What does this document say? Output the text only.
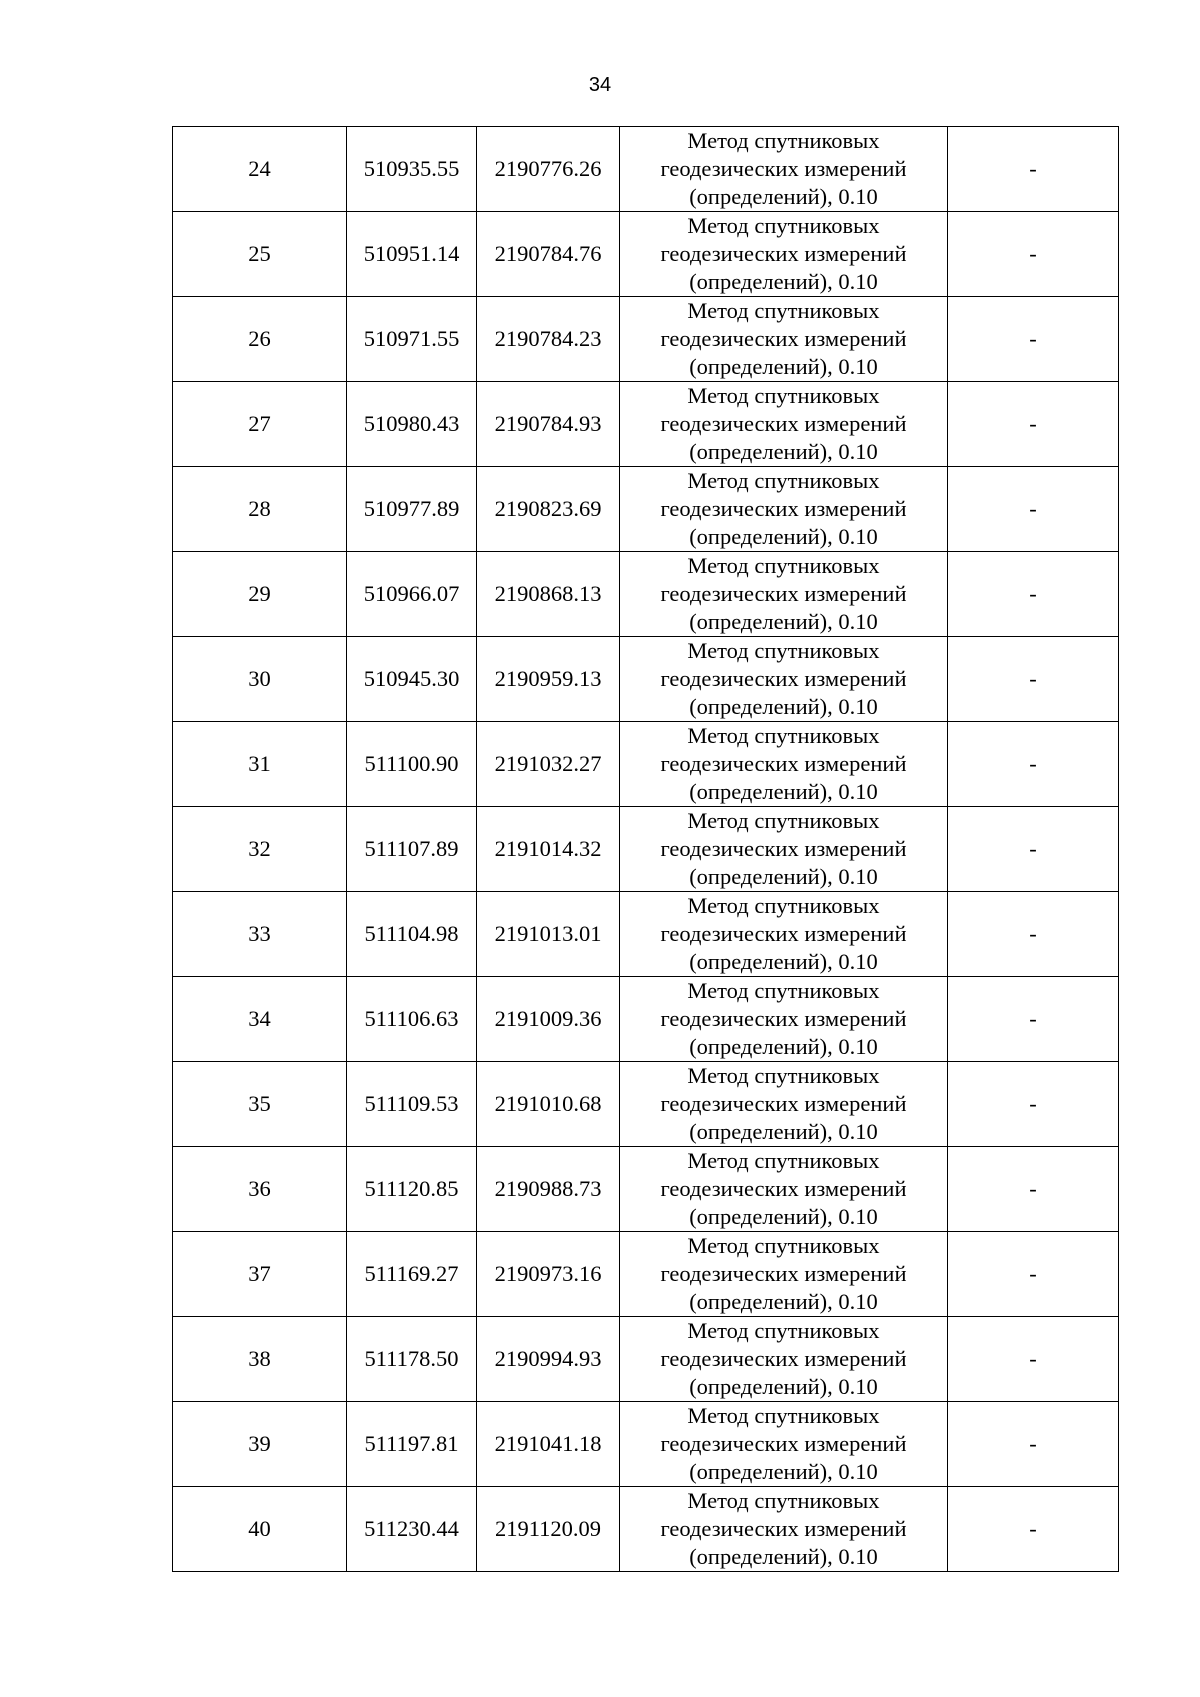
34
24	510935.55	2190776.26	Метод спутниковых
геодезических измерений
(определений), 0.10	-
25	510951.14	2190784.76	Метод спутниковых
геодезических измерений
(определений), 0.10	-
26	510971.55	2190784.23	Метод спутниковых
геодезических измерений
(определений), 0.10	-
27	510980.43	2190784.93	Метод спутниковых
геодезических измерений
(определений), 0.10	-
28	510977.89	2190823.69	Метод спутниковых
геодезических измерений
(определений), 0.10	-
29	510966.07	2190868.13	Метод спутниковых
геодезических измерений
(определений), 0.10	-
30	510945.30	2190959.13	Метод спутниковых
геодезических измерений
(определений), 0.10	-
31	511100.90	2191032.27	Метод спутниковых
геодезических измерений
(определений), 0.10	-
32	511107.89	2191014.32	Метод спутниковых
геодезических измерений
(определений), 0.10	-
33	511104.98	2191013.01	Метод спутниковых
геодезических измерений
(определений), 0.10	-
34	511106.63	2191009.36	Метод спутниковых
геодезических измерений
(определений), 0.10	-
35	511109.53	2191010.68	Метод спутниковых
геодезических измерений
(определений), 0.10	-
36	511120.85	2190988.73	Метод спутниковых
геодезических измерений
(определений), 0.10	-
37	511169.27	2190973.16	Метод спутниковых
геодезических измерений
(определений), 0.10	-
38	511178.50	2190994.93	Метод спутниковых
геодезических измерений
(определений), 0.10	-
39	511197.81	2191041.18	Метод спутниковых
геодезических измерений
(определений), 0.10	-
40	511230.44	2191120.09	Метод спутниковых
геодезических измерений
(определений), 0.10	-
